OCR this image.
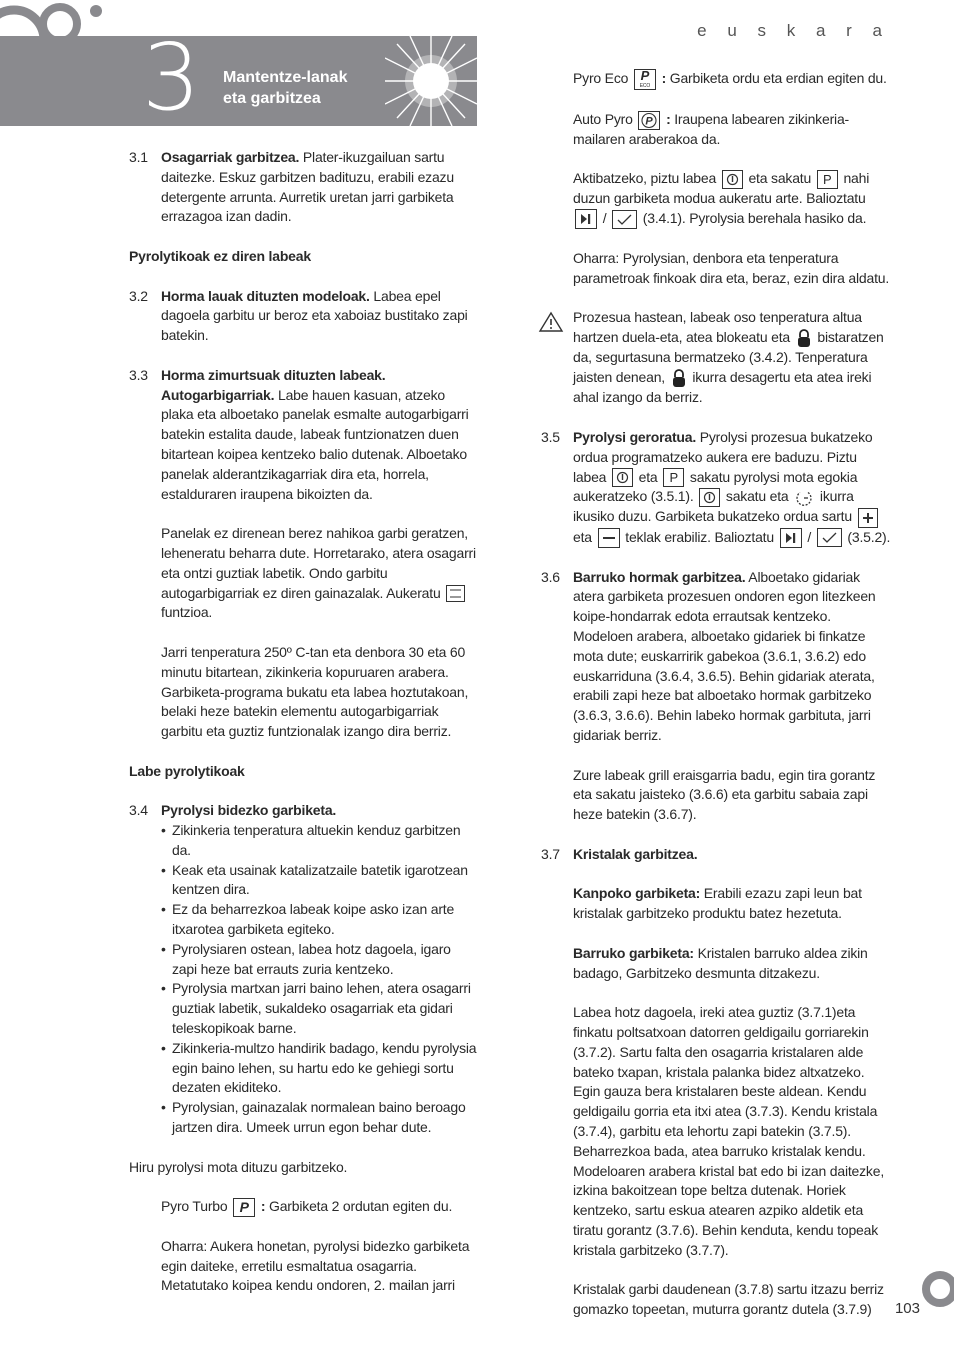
3 Mantentze-lanak
eta garbitzea
e u s k a r a
3.1 Osagarriak garbitzea. Plater-ikuzgailuan sartu daitezke. Eskuz garbitzen badituzu, erabili ezazu detergente arrunta. Aurretik uretan jarri garbiketa errazagoa izan dadin.
Pyrolytikoak ez diren labeak
3.2 Horma lauak dituzten modeloak. Labea epel dagoela garbitu ur beroz eta xaboiaz bustitako zapi batekin.
3.3 Horma zimurtsuak dituzten labeak.
Autogarbigarriak. Labe hauen kasuan, atzeko plaka eta alboetako panelak esmalte autogarbigarri batekin estalita daude, labeak funtzionatzen duen bitartean koipea kentzeko balio dutenak. Alboetako panelak alderantzikagarriak dira eta, horrela, estalduraren iraupena bikoizten da.
Panelak ez direnean berez nahikoa garbi geratzen, leheneratu beharra dute. Horretarako, atera osagarri eta ontzi guztiak labetik. Ondo garbitu autogarbigarriak ez diren gainazalak. Aukeratu
funtzioa.
Jarri tenperatura 250º C-tan eta denbora 30 eta 60 minutu bitartean, zikinkeria kopuruaren arabera. Garbiketa-programa bukatu eta labea hoztutakoan, belaki heze batekin elementu autogarbigarriak garbitu eta guztiz funtzionalak izango dira berriz.
Labe pyrolytikoak
3.4 Pyrolysi bidezko garbiketa.
• Zikinkeria tenperatura altuekin kenduz garbitzen da.
• Keak eta usainak katalizatzaile batetik igarotzean kentzen dira.
• Ez da beharrezkoa labeak koipe asko izan arte itxarotea garbiketa egiteko.
• Pyrolysiaren ostean, labea hotz dagoela, igaro zapi heze bat errauts zuria kentzeko.
• Pyrolysia martxan jarri baino lehen, atera osagarri guztiak labetik, sukaldeko osagarriak eta gidari teleskopikoak barne.
• Zikinkeria-multzo handirik badago, kendu pyrolysia egin baino lehen, su hartu edo ke gehiegi sortu dezaten ekiditeko.
• Pyrolysian, gainazalak normalean baino beroago jartzen dira. Umeek urrun egon behar dute.
Hiru pyrolysi mota dituzu garbitzeko.
Pyro Turbo P : Garbiketa 2 ordutan egiten du.
Oharra: Aukera honetan, pyrolysi bidezko garbiketa egin daiteke, erretilu esmaltatua osagarria. Metatutako koipea kendu ondoren, 2. mailan jarri
Pyro Eco P
ECO : Garbiketa ordu eta erdian egiten du.
Auto Pyro P : Iraupena labearen zikinkeria-mailaren araberakoa da.
Aktibatzeko, piztu labea
eta sakatu P nahi duzun garbiketa modua aukeratu arte. Balioztatu
/
(3.4.1). Pyrolysia berehala hasiko da.
Oharra: Pyrolysian, denbora eta tenperatura parametroak finkoak dira eta, beraz, ezin dira aldatu.
Prozesua hastean, labeak oso tenperatura altua hartzen duela-eta, atea blokeatu eta  bistaratzen da, segurtasuna bermatzeko (3.4.2). Tenperatura jaisten denean,  ikurra desagertu eta atea ireki ahal izango da berriz.
3.5 Pyrolysi geroratua. Pyrolysi prozesua bukatzeko ordua programatzeko aukera ere baduzu. Piztu labea
eta P sakatu pyrolysi mota egokia aukeratzeko (3.5.1).
sakatu eta  ikurra ikusiko duzu. Garbiketa bukatzeko ordua sartu
eta
teklak erabiliz. Balioztatu
/
(3.5.2).
3.6 Barruko hormak garbitzea. Alboetako gidariak atera garbiketa prozesuen ondoren egon litezkeen koipe-hondarrak edota errautsak kentzeko. Modeloen arabera, alboetako gidariek bi finkatze mota dute; euskarririk gabekoa (3.6.1, 3.6.2) edo euskarriduna (3.6.4, 3.6.5). Behin gidariak aterata, erabili zapi heze bat alboetako hormak garbitzeko (3.6.3, 3.6.6). Behin labeko hormak garbituta, jarri gidariak berriz.
Zure labeak grill eraisgarria badu, egin tira gorantz eta sakatu jaisteko (3.6.6) eta garbitu sabaia zapi heze batekin (3.6.7).
3.7 Kristalak garbitzea.
Kanpoko garbiketa: Erabili ezazu zapi leun bat kristalak garbitzeko produktu batez hezetuta.
Barruko garbiketa: Kristalen barruko aldea zikin badago, Garbitzeko desmunta ditzakezu.
Labea hotz dagoela, ireki atea guztiz (3.7.1)eta finkatu poltsatxoan datorren geldigailu gorriarekin (3.7.2). Sartu falta den osagarria kristalaren alde bateko txapan, kristala palanka bidez altxatzeko. Egin gauza bera kristalaren beste aldean. Kendu geldigailu gorria eta itxi atea (3.7.3). Kendu kristala (3.7.4), garbitu eta lehortu zapi batekin (3.7.5). Beharrezkoa bada, atea barruko kristalak kendu. Modeloaren arabera kristal bat edo bi izan daitezke, izkina bakoitzean tope beltza dutenak. Horiek kentzeko, sartu eskua atearen azpiko aldetik eta tiratu gorantz (3.7.6). Behin kenduta, kendu topeak kristala garbitzeko (3.7.7).
Kristalak garbi daudenean (3.7.8) sartu itzazu berriz gomazko topeetan, muturra gorantz dutela (3.7.9)	103
